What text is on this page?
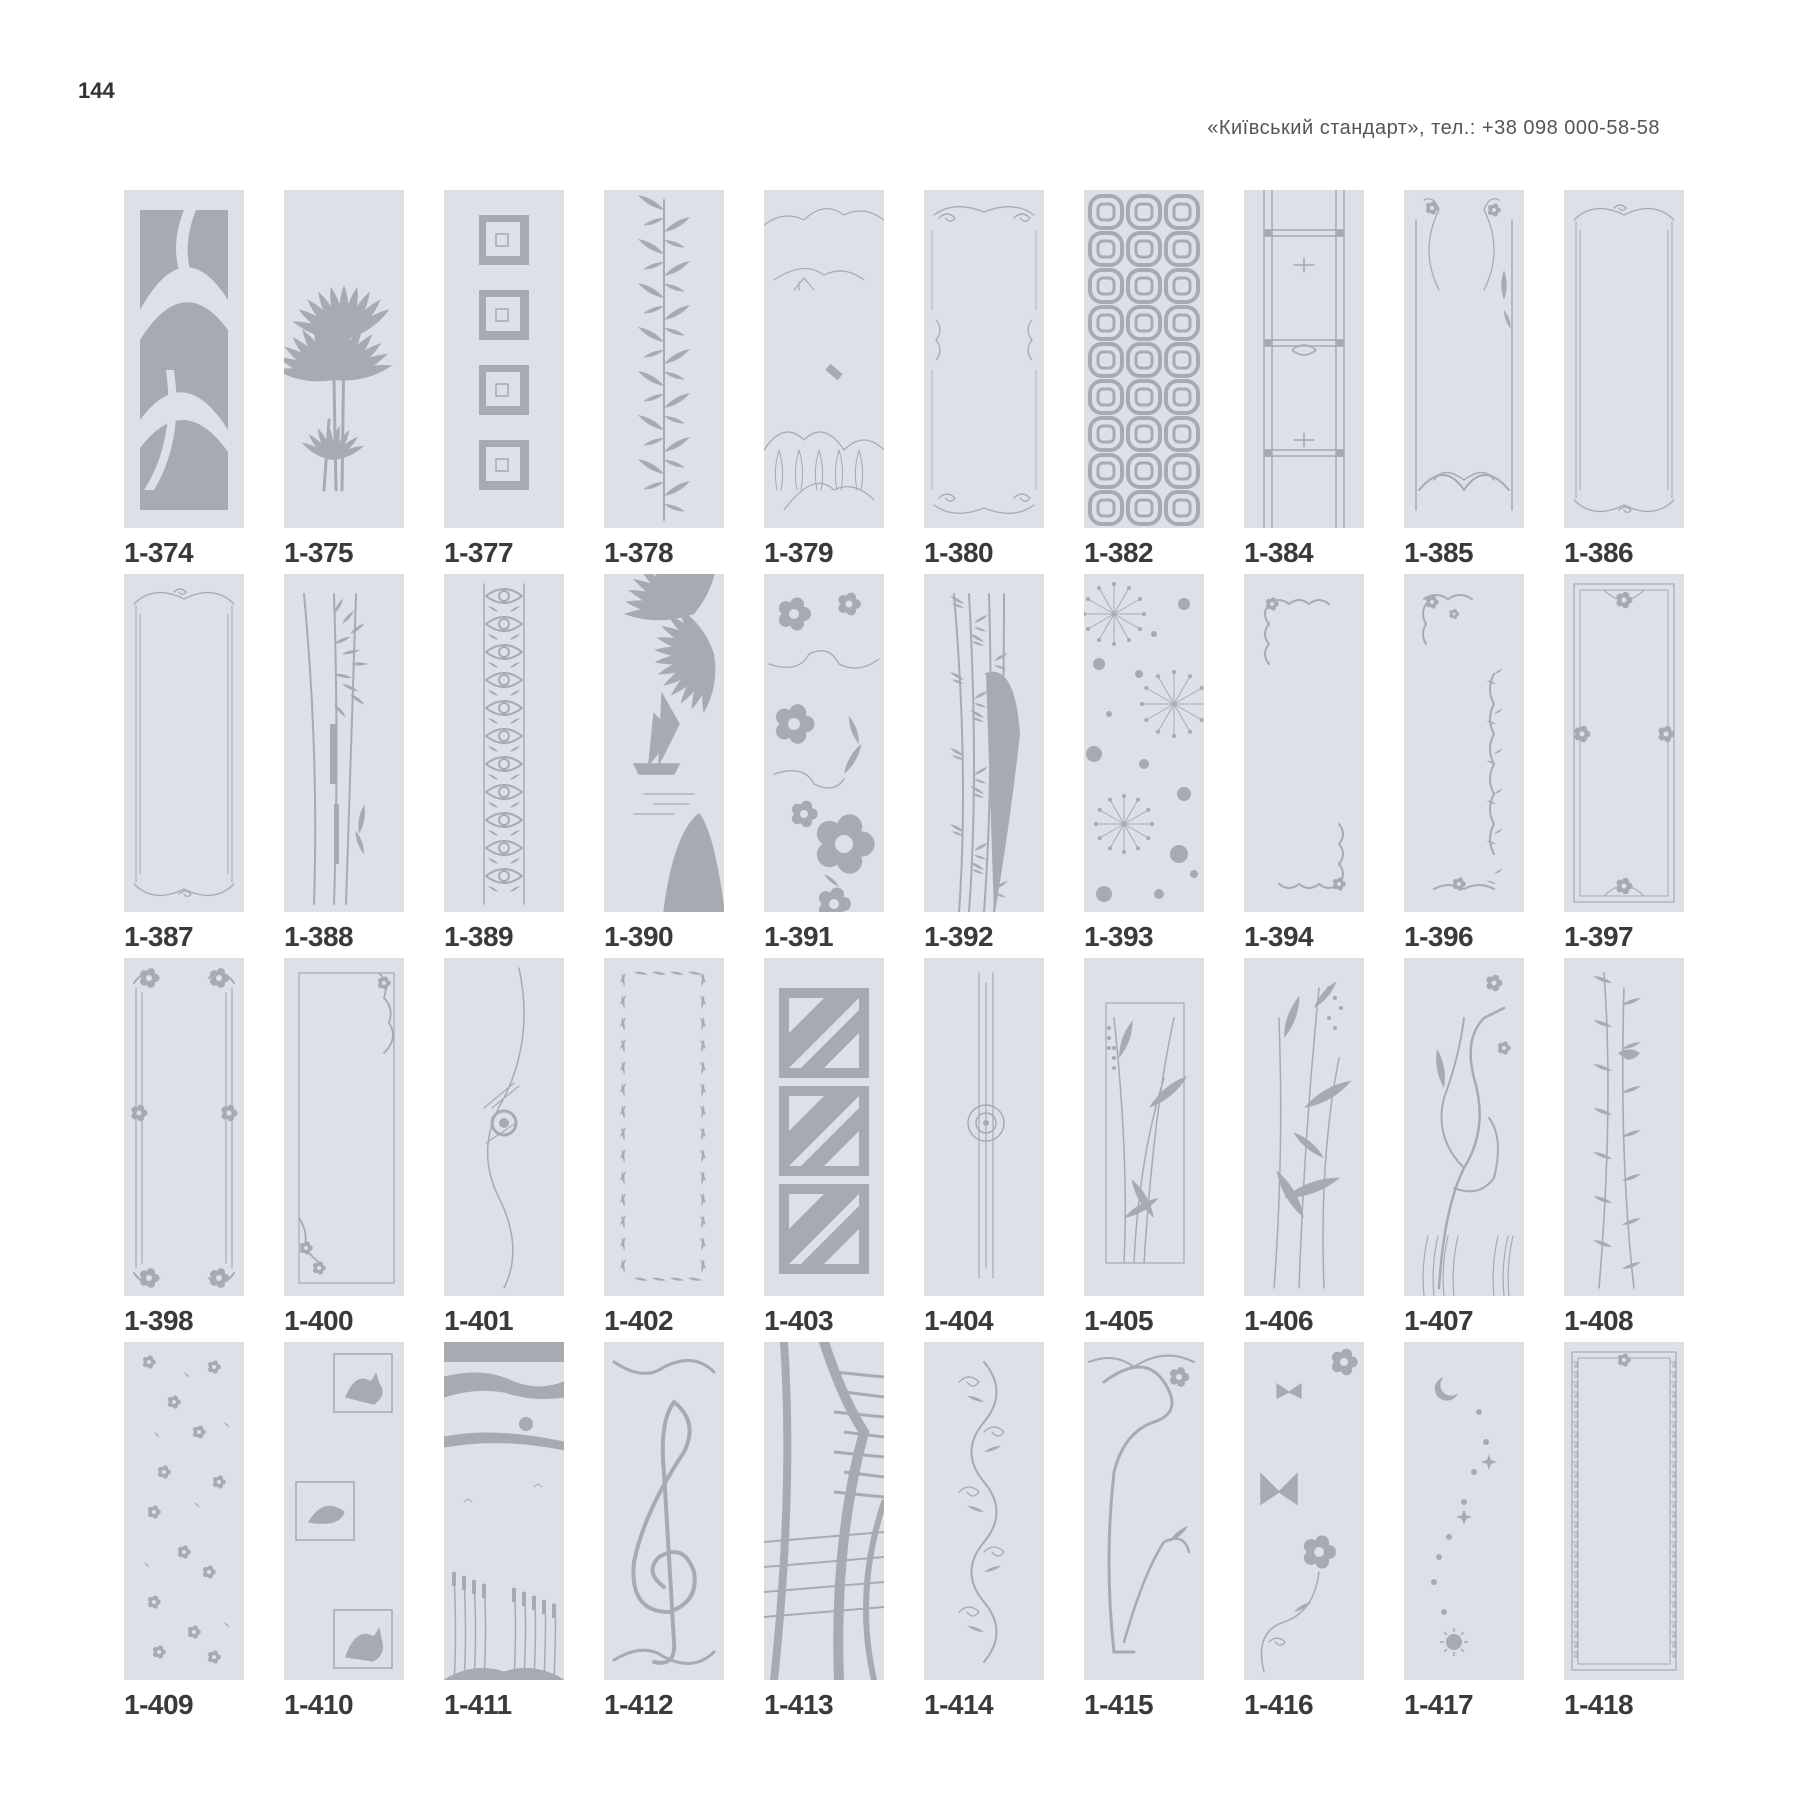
144
«Київський стандарт», тел.: +38 098 000-58-58
1-374	1-375	1-377	1-378	1-379	1-380	1-382	1-384	1-385	1-386
1-387	1-388	1-389	1-390	1-391	1-392	1-393	1-394	1-396	1-397
1-398	1-400	1-401	1-402	1-403	1-404	1-405	1-406	1-407	1-408
1-409	1-410	1-411	1-412	1-413	1-414	1-415	1-416	1-417	1-418
